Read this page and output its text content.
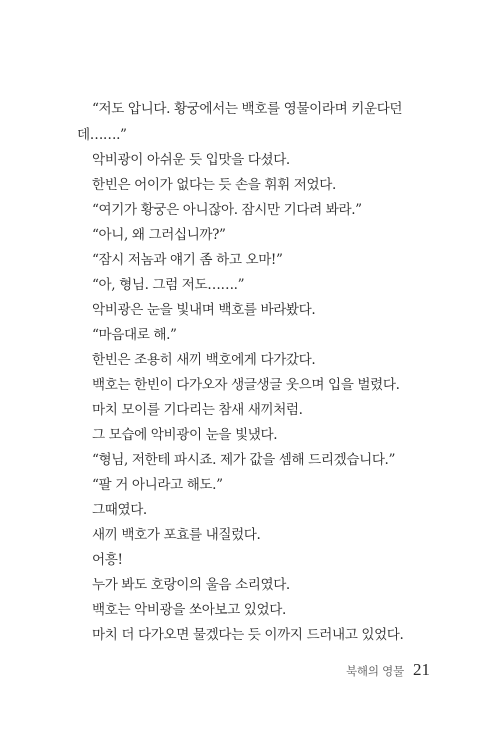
“저도 압니다. 황궁에서는 백호를 영물이라며 키운다던
데…….”
악비광이 아쉬운 듯 입맛을 다셨다.
한빈은 어이가 없다는 듯 손을 휘휘 저었다.
“여기가 황궁은 아니잖아. 잠시만 기다려 봐라.”
“아니, 왜 그러십니까?”
“잠시 저놈과 얘기 좀 하고 오마!”
“아, 형님. 그럼 저도…….”
악비광은 눈을 빛내며 백호를 바라봤다.
“마음대로 해.”
한빈은 조용히 새끼 백호에게 다가갔다.
백호는 한빈이 다가오자 생글생글 웃으며 입을 벌렸다.
마치 모이를 기다리는 참새 새끼처럼.
그 모습에 악비광이 눈을 빛냈다.
“형님, 저한테 파시죠. 제가 값을 셈해 드리겠습니다.”
“팔 거 아니라고 해도.”
그때였다.
새끼 백호가 포효를 내질렀다.
어흥!
누가 봐도 호랑이의 울음 소리였다.
백호는 악비광을 쏘아보고 있었다.
마치 더 다가오면 물겠다는 듯 이까지 드러내고 있었다.
북해의 영물 21
